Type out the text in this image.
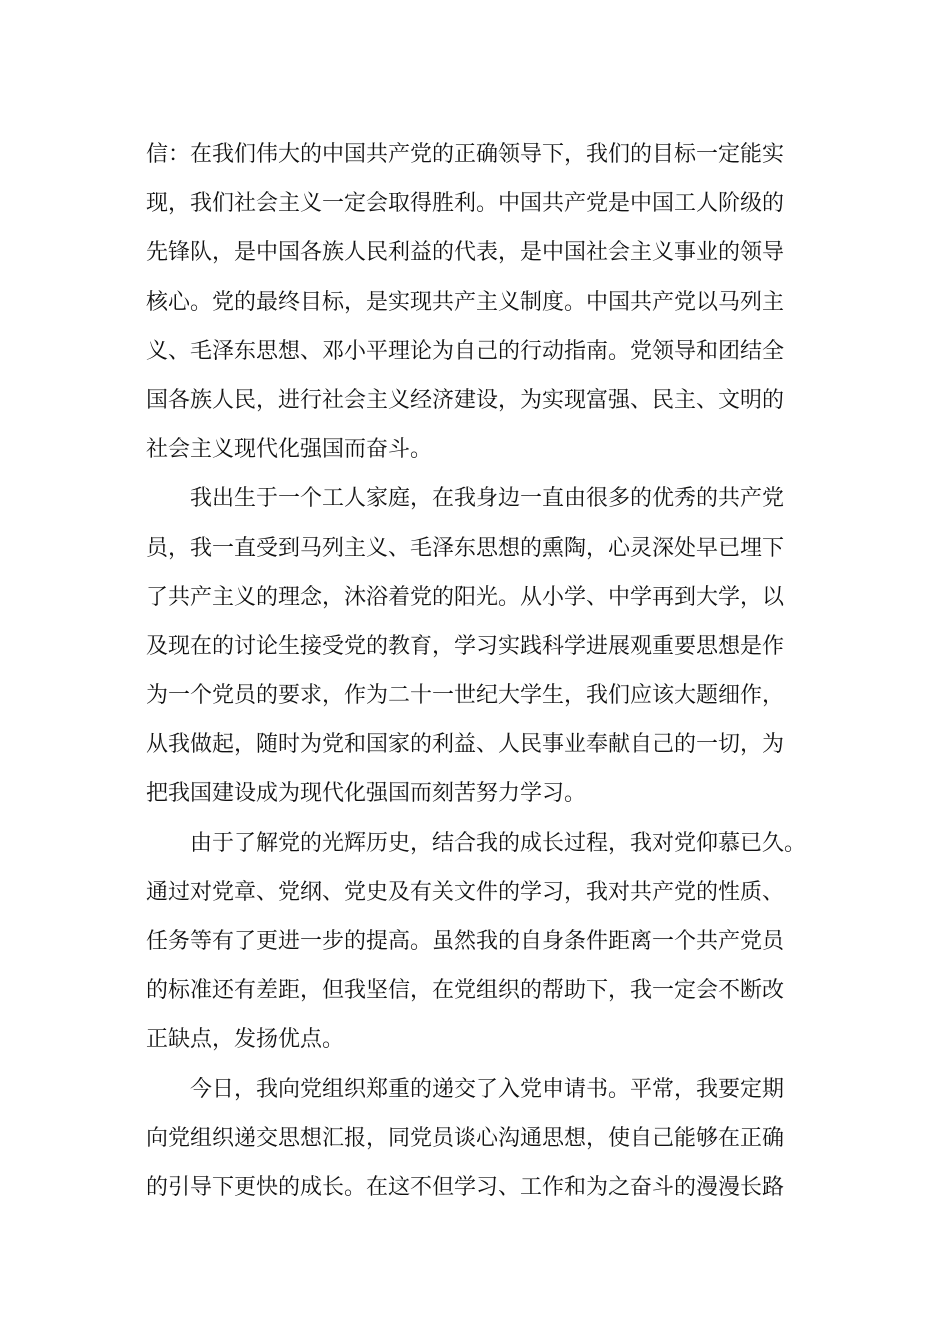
信：在我们伟大的中国共产党的正确领导下，我们的目标一定能实
现，我们社会主义一定会取得胜利。中国共产党是中国工人阶级的
先锋队，是中国各族人民利益的代表，是中国社会主义事业的领导
核心。党的最终目标，是实现共产主义制度。中国共产党以马列主
义、毛泽东思想、邓小平理论为自己的行动指南。党领导和团结全
国各族人民，进行社会主义经济建设，为实现富强、民主、文明的
社会主义现代化强国而奋斗。
我出生于一个工人家庭，在我身边一直由很多的优秀的共产党
员，我一直受到马列主义、毛泽东思想的熏陶，心灵深处早已埋下
了共产主义的理念，沐浴着党的阳光。从小学、中学再到大学，以
及现在的讨论生接受党的教育，学习实践科学进展观重要思想是作
为一个党员的要求，作为二十一世纪大学生，我们应该大题细作，
从我做起，随时为党和国家的利益、人民事业奉献自己的一切，为
把我国建设成为现代化强国而刻苦努力学习。
由于了解党的光辉历史，结合我的成长过程，我对党仰慕已久。
通过对党章、党纲、党史及有关文件的学习，我对共产党的性质、
任务等有了更进一步的提高。虽然我的自身条件距离一个共产党员
的标准还有差距，但我坚信，在党组织的帮助下，我一定会不断改
正缺点，发扬优点。
今日，我向党组织郑重的递交了入党申请书。平常，我要定期
向党组织递交思想汇报，同党员谈心沟通思想，使自己能够在正确
的引导下更快的成长。在这不但学习、工作和为之奋斗的漫漫长路
